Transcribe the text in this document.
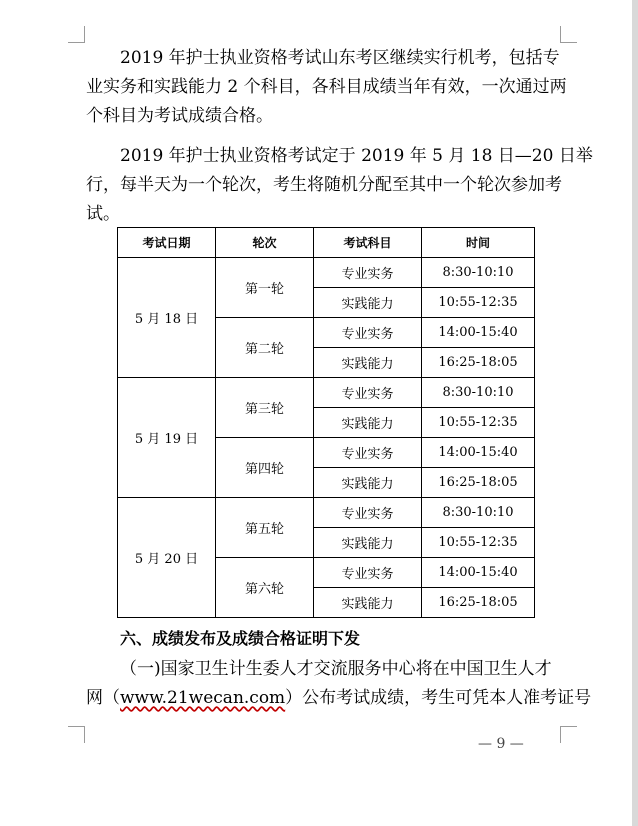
2019 年护士执业资格考试山东考区继续实行机考，包括专
业实务和实践能力 2 个科目，各科目成绩当年有效，一次通过两
个科目为考试成绩合格。
2019 年护士执业资格考试定于 2019 年 5 月 18 日—20 日举
行，每半天为一个轮次，考生将随机分配至其中一个轮次参加考
试。
考试日期	轮次	考试科目	时间
5 月 18 日	第一轮	专业实务	8:30-10:10
		实践能力	10:55-12:35
	第二轮	专业实务	14:00-15:40
		实践能力	16:25-18:05
5 月 19 日	第三轮	专业实务	8:30-10:10
		实践能力	10:55-12:35
	第四轮	专业实务	14:00-15:40
		实践能力	16:25-18:05
5 月 20 日	第五轮	专业实务	8:30-10:10
		实践能力	10:55-12:35
	第六轮	专业实务	14:00-15:40
		实践能力	16:25-18:05
六、成绩发布及成绩合格证明下发
（一)国家卫生计生委人才交流服务中心将在中国卫生人才
网（www.21wecan.com）公布考试成绩，考生可凭本人准考证号
— 9 —
